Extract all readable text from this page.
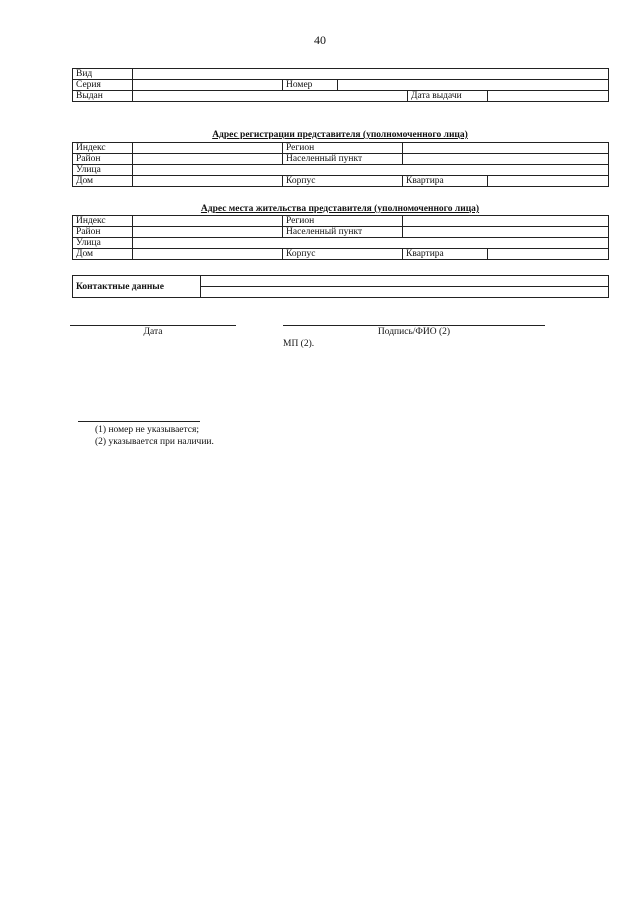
40
Вид					
Серия		Номер			
Выдан				Дата выдачи	
Адрес регистрации представителя (уполномоченного лица)
Индекс		Регион		
Район		Населенный пункт		
Улица				
Дом		Корпус	Квартира	
Адрес места жительства представителя (уполномоченного лица)
Индекс		Регион		
Район		Населенный пункт		
Улица				
Дом		Корпус	Квартира	
Контактные данные	

Дата	Подпись/ФИО (2)
МП (2).
(1) номер не указывается;
(2) указывается при наличии.
